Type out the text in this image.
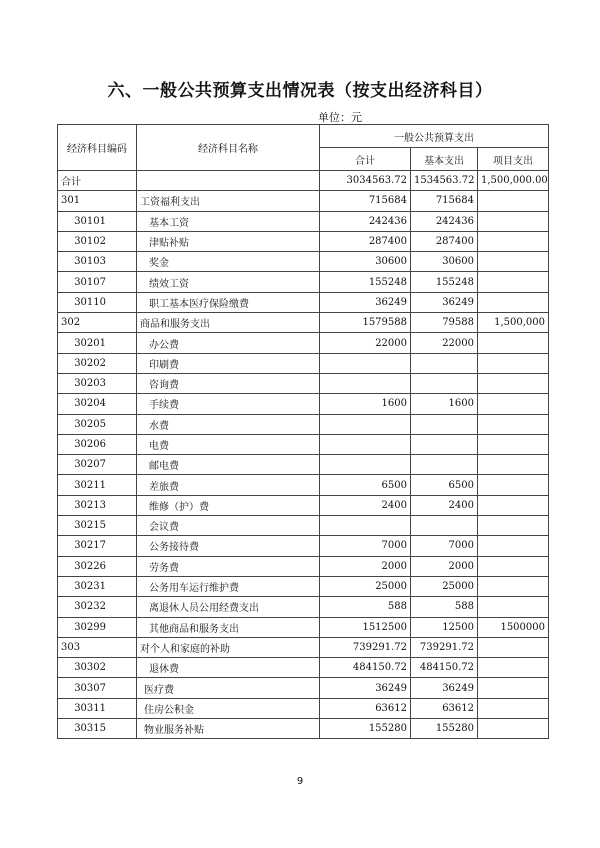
六、一般公共预算支出情况表（按支出经济科目）
单位：元
经济科目编码	经济科目名称	一般公共预算支出		
		合计	基本支出	项目支出
合计		3034563.72	1534563.72	1,500,000.00
301	工资福利支出	715684	715684	
30101	基本工资	242436	242436	
30102	津贴补贴	287400	287400	
30103	奖金	30600	30600	
30107	绩效工资	155248	155248	
30110	职工基本医疗保险缴费	36249	36249	
302	商品和服务支出	1579588	79588	1,500,000
30201	办公费	22000	22000	
30202	印刷费			
30203	咨询费			
30204	手续费	1600	1600	
30205	水费			
30206	电费			
30207	邮电费			
30211	差旅费	6500	6500	
30213	维修（护）费	2400	2400	
30215	会议费			
30217	公务接待费	7000	7000	
30226	劳务费	2000	2000	
30231	公务用车运行维护费	25000	25000	
30232	离退休人员公用经费支出	588	588	
30299	其他商品和服务支出	1512500	12500	1500000
303	对个人和家庭的补助	739291.72	739291.72	
30302	退休费	484150.72	484150.72	
30307	医疗费	36249	36249	
30311	住房公积金	63612	63612	
30315	物业服务补贴	155280	155280	
9
